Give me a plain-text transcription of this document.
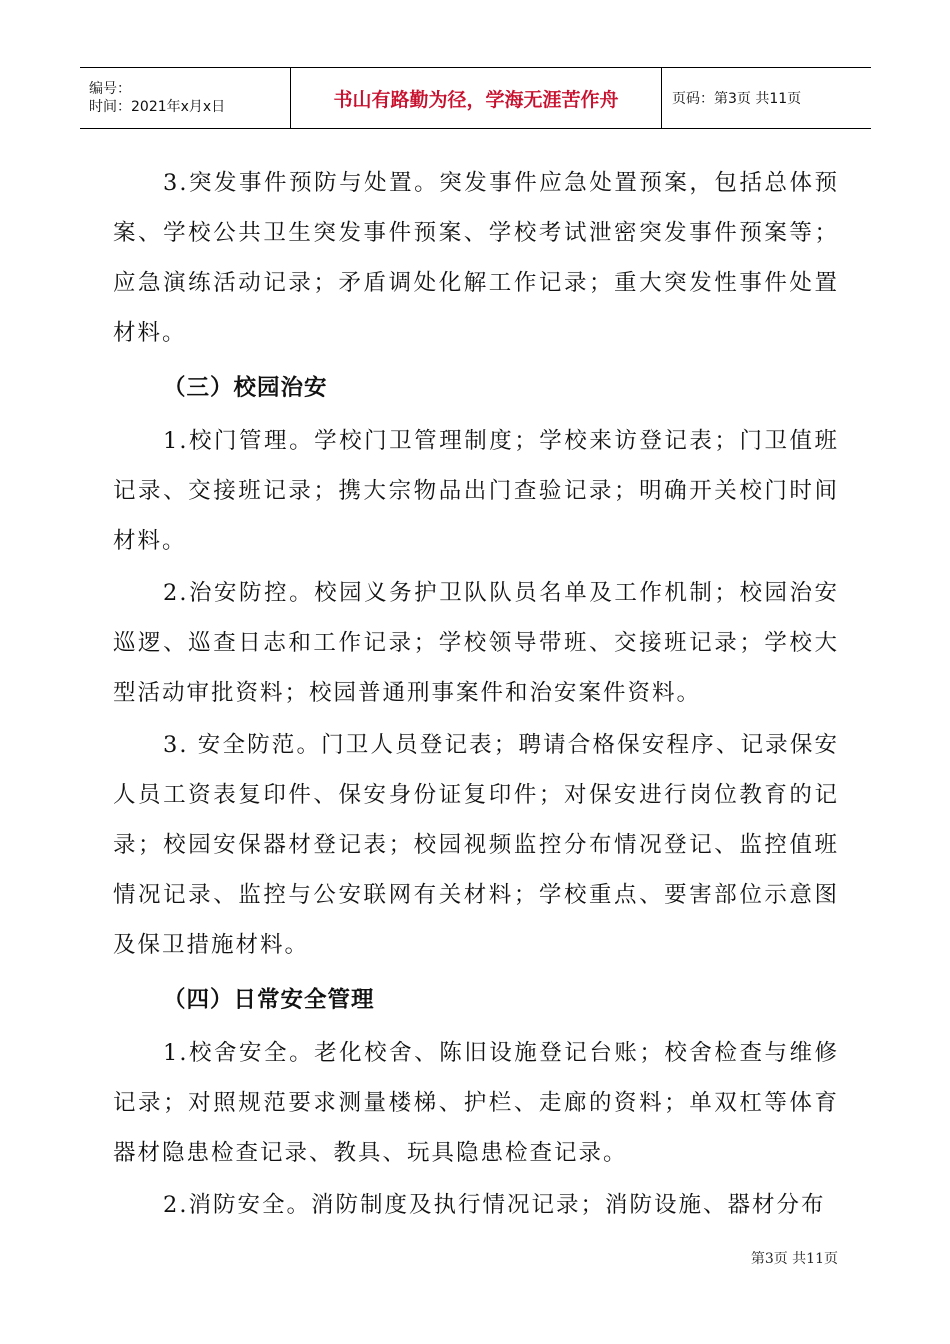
编号：
时间：2021年x月x日	书山有路勤为径，学海无涯苦作舟	页码：第3页 共11页

3.突发事件预防与处置。突发事件应急处置预案，包括总体预案、学校公共卫生突发事件预案、学校考试泄密突发事件预案等；应急演练活动记录；矛盾调处化解工作记录；重大突发性事件处置材料。

（三）校园治安

1.校门管理。学校门卫管理制度；学校来访登记表；门卫值班记录、交接班记录；携大宗物品出门查验记录；明确开关校门时间材料。

2.治安防控。校园义务护卫队队员名单及工作机制；校园治安巡逻、巡查日志和工作记录；学校领导带班、交接班记录；学校大型活动审批资料；校园普通刑事案件和治安案件资料。

3. 安全防范。门卫人员登记表；聘请合格保安程序、记录保安人员工资表复印件、保安身份证复印件；对保安进行岗位教育的记录；校园安保器材登记表；校园视频监控分布情况登记、监控值班情况记录、监控与公安联网有关材料；学校重点、要害部位示意图及保卫措施材料。

（四）日常安全管理

1.校舍安全。老化校舍、陈旧设施登记台账；校舍检查与维修记录；对照规范要求测量楼梯、护栏、走廊的资料；单双杠等体育器材隐患检查记录、教具、玩具隐患检查记录。

2.消防安全。消防制度及执行情况记录；消防设施、器材分布

第3页 共11页
